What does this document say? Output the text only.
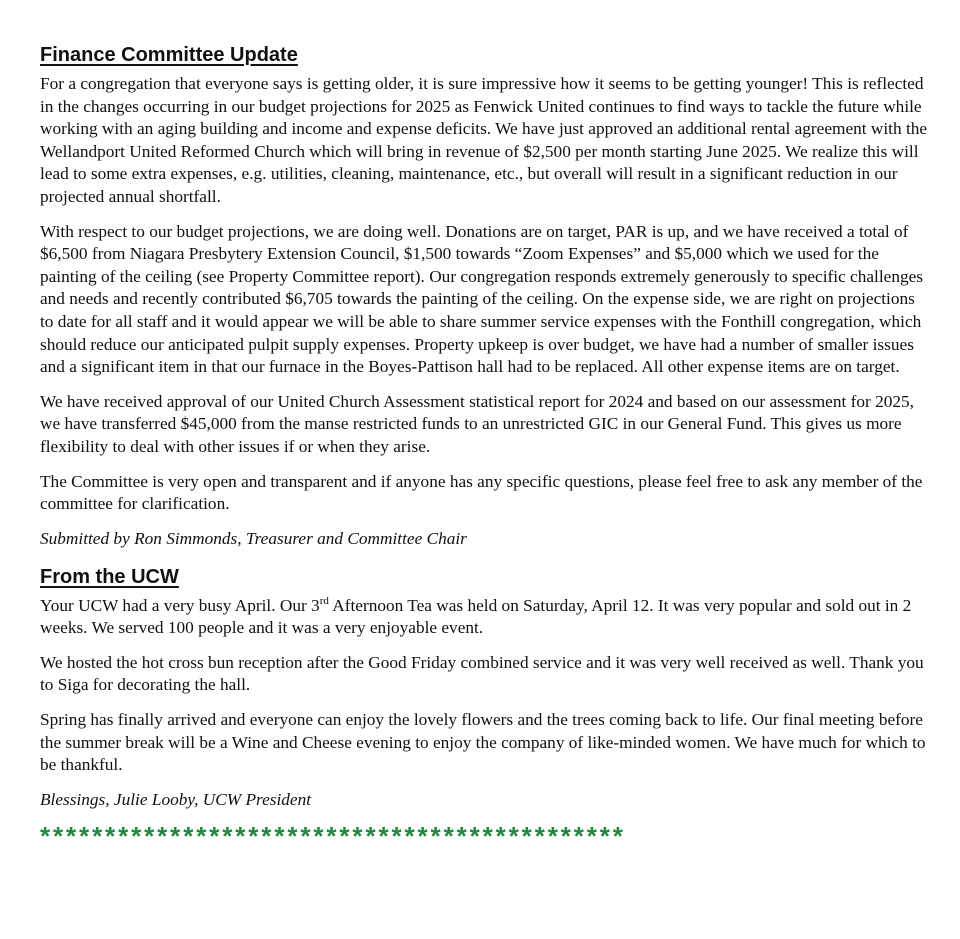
Finance Committee Update

For a congregation that everyone says is getting older, it is sure impressive how it seems to be getting younger! This is reflected in the changes occurring in our budget projections for 2025 as Fenwick United continues to find ways to tackle the future while working with an aging building and income and expense deficits. We have just approved an additional rental agreement with the Wellandport United Reformed Church which will bring in revenue of $2,500 per month starting June 2025. We realize this will lead to some extra expenses, e.g. utilities, cleaning, maintenance, etc., but overall will result in a significant reduction in our projected annual shortfall.

With respect to our budget projections, we are doing well. Donations are on target, PAR is up, and we have received a total of $6,500 from Niagara Presbytery Extension Council, $1,500 towards “Zoom Expenses” and $5,000 which we used for the painting of the ceiling (see Property Committee report). Our congregation responds extremely generously to specific challenges and needs and recently contributed $6,705 towards the painting of the ceiling. On the expense side, we are right on projections to date for all staff and it would appear we will be able to share summer service expenses with the Fonthill congregation, which should reduce our anticipated pulpit supply expenses. Property upkeep is over budget, we have had a number of smaller issues and a significant item in that our furnace in the Boyes-Pattison hall had to be replaced. All other expense items are on target.

We have received approval of our United Church Assessment statistical report for 2024 and based on our assessment for 2025, we have transferred $45,000 from the manse restricted funds to an unrestricted GIC in our General Fund. This gives us more flexibility to deal with other issues if or when they arise.

The Committee is very open and transparent and if anyone has any specific questions, please feel free to ask any member of the committee for clarification.

Submitted by Ron Simmonds, Treasurer and Committee Chair

From the UCW

Your UCW had a very busy April. Our 3rd Afternoon Tea was held on Saturday, April 12. It was very popular and sold out in 2 weeks. We served 100 people and it was a very enjoyable event.

We hosted the hot cross bun reception after the Good Friday combined service and it was very well received as well. Thank you to Siga for decorating the hall.

Spring has finally arrived and everyone can enjoy the lovely flowers and the trees coming back to life. Our final meeting before the summer break will be a Wine and Cheese evening to enjoy the company of like-minded women. We have much for which to be thankful.

Blessings, Julie Looby, UCW President

*********************************************
